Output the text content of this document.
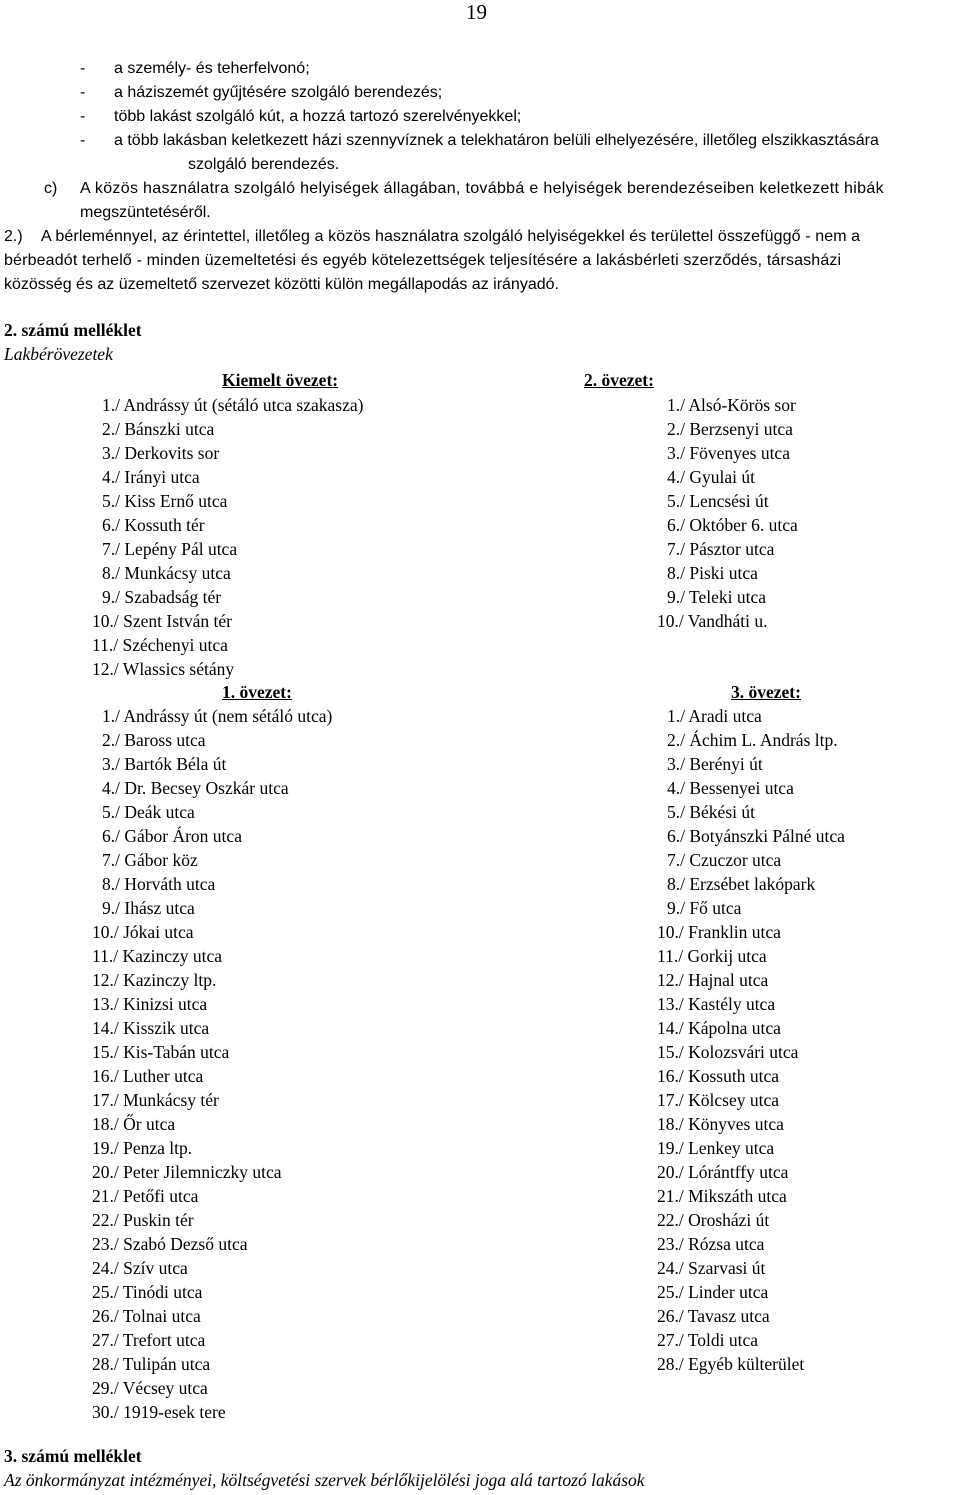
19
- a személy- és teherfelvonó;
- a háziszemét gyűjtésére szolgáló berendezés;
- több lakást szolgáló kút, a hozzá tartozó szerelvényekkel;
- a több lakásban keletkezett házi szennyvíznek a telekhatáron belüli elhelyezésére, illetőleg elszikkasztására
szolgáló berendezés.
c) A közös használatra szolgáló helyiségek állagában, továbbá e helyiségek berendezéseiben keletkezett hibák
megszüntetéséről.
2.) A bérleménnyel, az érintettel, illetőleg a közös használatra szolgáló helyiségekkel és területtel összefüggő - nem a
bérbeadót terhelő - minden üzemeltetési és egyéb kötelezettségek teljesítésére a lakásbérleti szerződés, társasházi
közösség és az üzemeltető szervezet közötti külön megállapodás az irányadó.
2. számú melléklet
Lakbérövezetek
Kiemelt övezet:	2. övezet:
1./ Andrássy út (sétáló utca szakasza)
2./ Bánszki utca
3./ Derkovits sor
4./ Irányi utca
5./ Kiss Ernő utca
6./ Kossuth tér
7./ Lepény Pál utca
8./ Munkácsy utca
9./ Szabadság tér
10./ Szent István tér
11./ Széchenyi utca
12./ Wlassics sétány
1./ Alsó-Körös sor
2./ Berzsenyi utca
3./ Fövenyes utca
4./ Gyulai út
5./ Lencsési út
6./ Október 6. utca
7./ Pásztor utca
8./ Piski utca
9./ Teleki utca
10./ Vandháti u.
1. övezet:	3. övezet:
1./ Andrássy út (nem sétáló utca)
2./ Baross utca
3./ Bartók Béla út
4./ Dr. Becsey Oszkár utca
5./ Deák utca
6./ Gábor Áron utca
7./ Gábor köz
8./ Horváth utca
9./ Ihász utca
10./ Jókai utca
11./ Kazinczy utca
12./ Kazinczy ltp.
13./ Kinizsi utca
14./ Kisszik utca
15./ Kis-Tabán utca
16./ Luther utca
17./ Munkácsy tér
18./ Őr utca
19./ Penza ltp.
20./ Peter Jilemniczky utca
21./ Petőfi utca
22./ Puskin tér
23./ Szabó Dezső utca
24./ Szív utca
25./ Tinódi utca
26./ Tolnai utca
27./ Trefort utca
28./ Tulipán utca
29./ Vécsey utca
30./ 1919-esek tere
1./ Aradi utca
2./ Áchim L. András ltp.
3./ Berényi út
4./ Bessenyei utca
5./ Békési út
6./ Botyánszki Pálné utca
7./ Czuczor utca
8./ Erzsébet lakópark
9./ Fő utca
10./ Franklin utca
11./ Gorkij utca
12./ Hajnal utca
13./ Kastély utca
14./ Kápolna utca
15./ Kolozsvári utca
16./ Kossuth utca
17./ Kölcsey utca
18./ Könyves utca
19./ Lenkey utca
20./ Lórántffy utca
21./ Mikszáth utca
22./ Orosházi út
23./ Rózsa utca
24./ Szarvasi út
25./ Linder utca
26./ Tavasz utca
27./ Toldi utca
28./ Egyéb külterület
3. számú melléklet
Az önkormányzat intézményei, költségvetési szervek bérlőkijelölési joga alá tartozó lakások
